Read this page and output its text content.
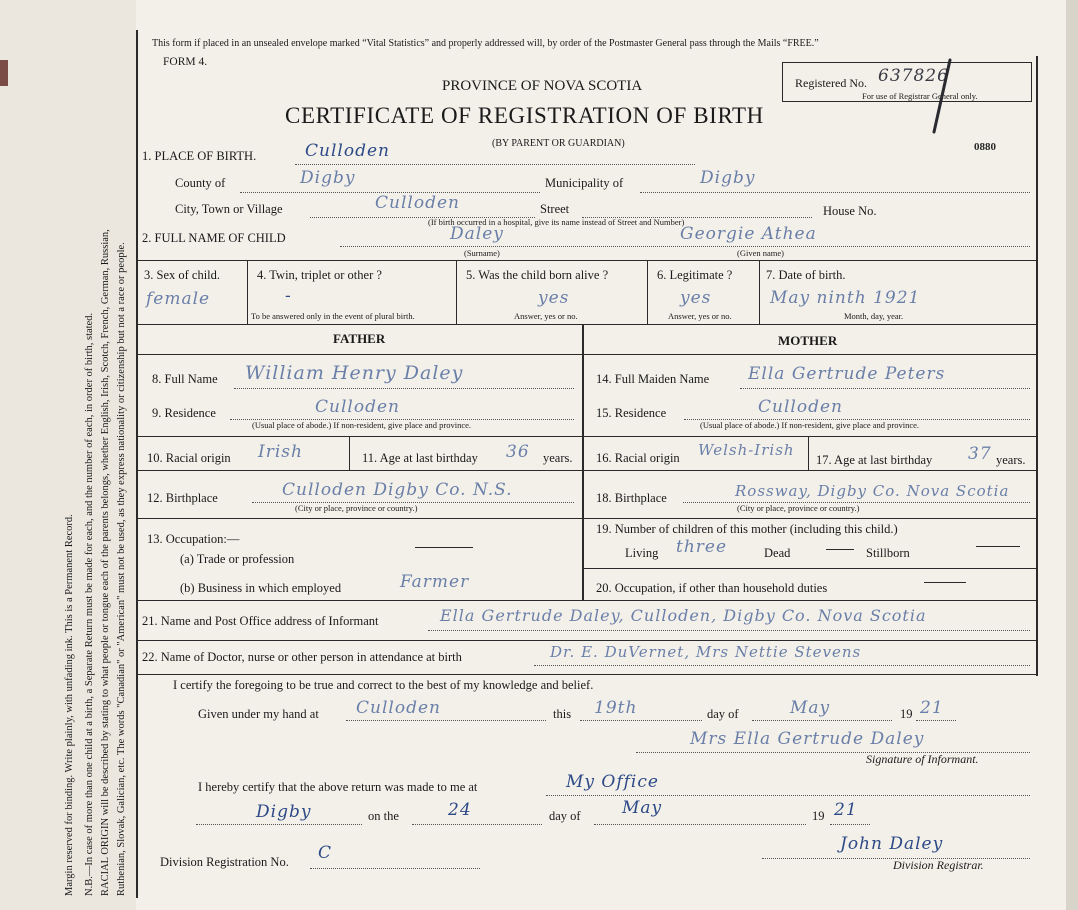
Margin reserved for binding. Write plainly, with unfading ink. This is a Permanent Record. N.B.—In case of more than one child at a birth, a Separate Return must be made for each, and the number of each, in order of birth, stated. RACIAL ORIGIN will be described by stating to what people or tongue each of the parents belongs, whether English, Irish, Scotch, French, German, Russian, Ruthenian, Slovak, Galician, etc. The words "Canadian" or "American" must not be used, as they express nationality or citizenship but not a race or people.
This form if placed in an unsealed envelope marked “Vital Statistics” and properly addressed will, by order of the Postmaster General pass through the Mails “FREE.”
FORM 4.
PROVINCE OF NOVA SCOTIA
CERTIFICATE OF REGISTRATION OF BIRTH
(BY PARENT OR GUARDIAN)
Registered No. 637826
For use of Registrar General only.
0880
1. PLACE OF BIRTH.	Culloden
County of	Digby	Municipality of	Digby
City, Town or Village	Culloden	Street	House No.
(If birth occurred in a hospital, give its name instead of Street and Number)
2. FULL NAME OF CHILD	Daley	Georgie Athea
(Surname)	(Given name)
3. Sex of child.
female
4. Twin, triplet or other ?
-
To be answered only in the event of plural birth.
5. Was the child born alive ?
yes
Answer, yes or no.
6. Legitimate ?
yes
Answer, yes or no.
7. Date of birth.
May ninth 1921
Month, day, year.
FATHER	MOTHER
8. Full Name William Henry Daley
9. Residence	Culloden
(Usual place of abode.) If non-resident, give place and province.
10. Racial origin Irish	11. Age at last birthday 36 years.
12. Birthplace	Culloden Digby Co. N.S.
(City or place, province or country.)
13. Occupation:—
(a) Trade or profession
(b) Business in which employed	Farmer
14. Full Maiden Name Ella Gertrude Peters
15. Residence	Culloden
(Usual place of abode.) If non-resident, give place and province.
16. Racial origin Welsh-Irish
17. Age at last birthday 37 years.
18. Birthplace	Rossway, Digby Co. Nova Scotia
(City or place, province or country.)
19. Number of children of this mother (including this child.)
Living three	Dead	Stillborn
20. Occupation, if other than household duties
21. Name and Post Office address of Informant	Ella Gertrude Daley, Culloden, Digby Co. Nova Scotia
22. Name of Doctor, nurse or other person in attendance at birth	Dr. E. DuVernet, Mrs Nettie Stevens
I certify the foregoing to be true and correct to the best of my knowledge and belief.
Given under my hand at Culloden	this 19th	day of	May	19 21
Mrs Ella Gertrude Daley
Signature of Informant.
I hereby certify that the above return was made to me at	My Office
Digby	on the	24	day of May	19 21
Division Registration No. C	John Daley
Division Registrar.
